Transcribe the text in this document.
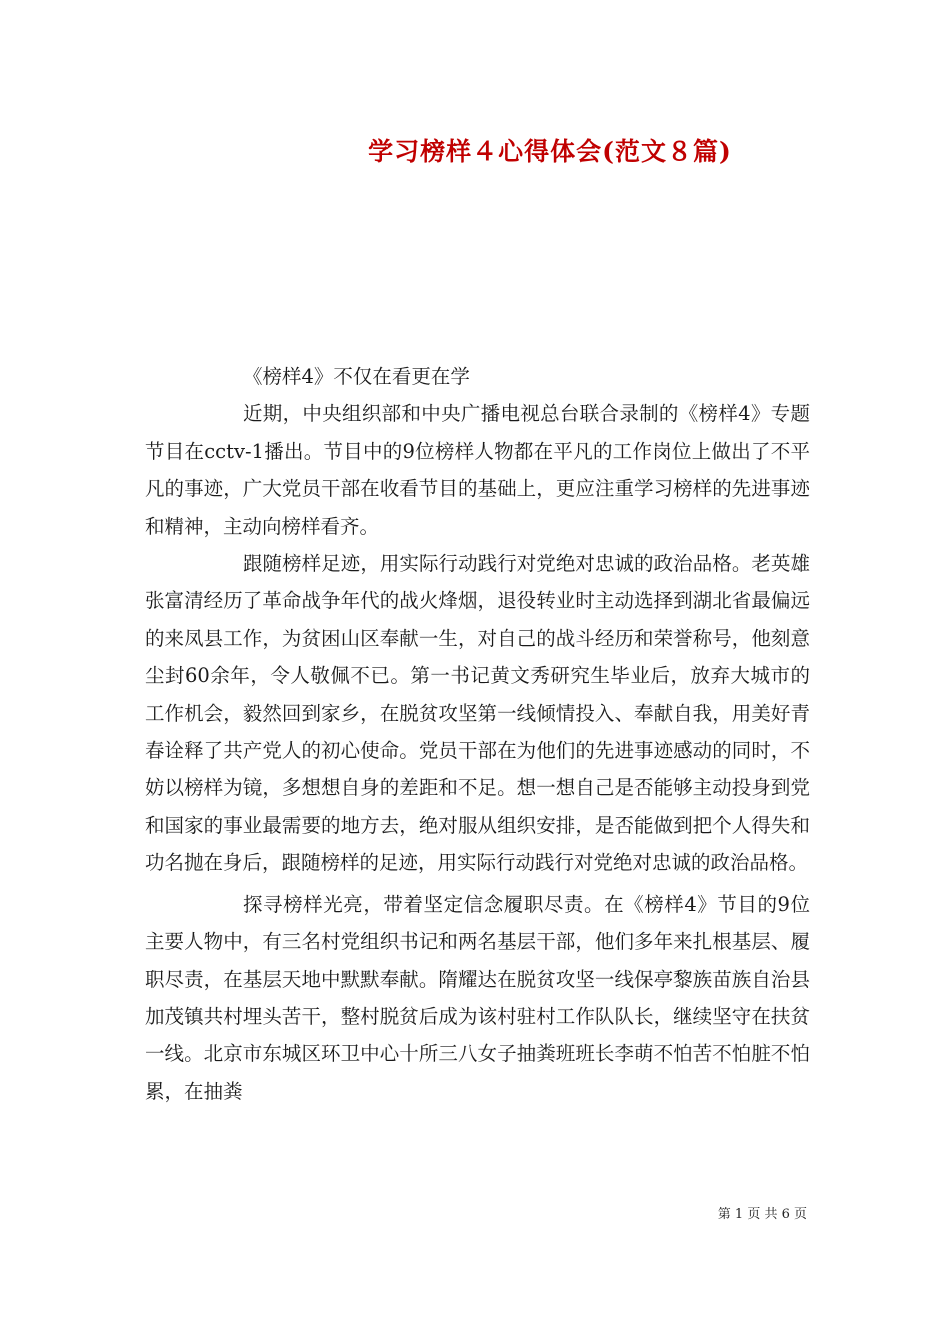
学习榜样４心得体会(范文８篇)

《榜样4》不仅在看更在学

近期，中央组织部和中央广播电视总台联合录制的《榜样4》专题节目在cctv-1播出。节目中的9位榜样人物都在平凡的工作岗位上做出了不平凡的事迹，广大党员干部在收看节目的基础上，更应注重学习榜样的先进事迹和精神，主动向榜样看齐。

跟随榜样足迹，用实际行动践行对党绝对忠诚的政治品格。老英雄张富清经历了革命战争年代的战火烽烟，退役转业时主动选择到湖北省最偏远的来凤县工作，为贫困山区奉献一生，对自己的战斗经历和荣誉称号，他刻意尘封60余年，令人敬佩不已。第一书记黄文秀研究生毕业后，放弃大城市的工作机会，毅然回到家乡，在脱贫攻坚第一线倾情投入、奉献自我，用美好青春诠释了共产党人的初心使命。党员干部在为他们的先进事迹感动的同时，不妨以榜样为镜，多想想自身的差距和不足。想一想自己是否能够主动投身到党和国家的事业最需要的地方去，绝对服从组织安排，是否能做到把个人得失和功名抛在身后，跟随榜样的足迹，用实际行动践行对党绝对忠诚的政治品格。

探寻榜样光亮，带着坚定信念履职尽责。在《榜样4》节目的9位主要人物中，有三名村党组织书记和两名基层干部，他们多年来扎根基层、履职尽责，在基层天地中默默奉献。隋耀达在脱贫攻坚一线保亭黎族苗族自治县加茂镇共村埋头苦干，整村脱贫后成为该村驻村工作队队长，继续坚守在扶贫一线。北京市东城区环卫中心十所三八女子抽粪班班长李萌不怕苦不怕脏不怕累，在抽粪

第 1 页 共 6 页
